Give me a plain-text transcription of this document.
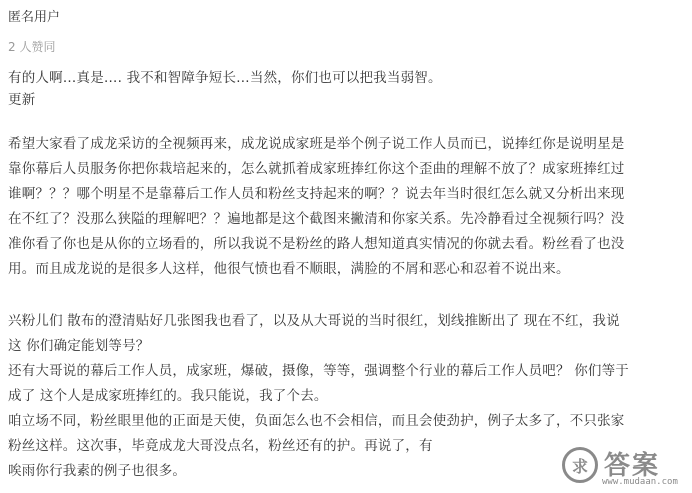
匿名用户
2 人赞同
有的人啊…真是…. 我不和智障争短长…当然，你们也可以把我当弱智。
更新
希望大家看了成龙采访的全视频再来，成龙说成家班是举个例子说工作人员而已，说捧红你是说明星是
靠你幕后人员服务你把你栽培起来的，怎么就抓着成家班捧红你这个歪曲的理解不放了？成家班捧红过
谁啊？？？哪个明星不是靠幕后工作人员和粉丝支持起来的啊？？说去年当时很红怎么就又分析出来现
在不红了？没那么狭隘的理解吧？？遍地都是这个截图来撇清和你家关系。先冷静看过全视频行吗？没
准你看了你也是从你的立场看的，所以我说不是粉丝的路人想知道真实情况的你就去看。粉丝看了也没
用。而且成龙说的是很多人这样，他很气愤也看不顺眼，满脸的不屑和恶心和忍着不说出来。
兴粉儿们 散布的澄清贴好几张图我也看了，以及从大哥说的当时很红，划线推断出了 现在不红，我说
这 你们确定能划等号？
还有大哥说的幕后工作人员，成家班，爆破，摄像，等等，强调整个行业的幕后工作人员吧？ 你们等于
成了 这个人是成家班捧红的。我只能说，我了个去。
咱立场不同，粉丝眼里他的正面是天使，负面怎么也不会相信，而且会使劲护，例子太多了，不只张家
粉丝这样。这次事，毕竟成龙大哥没点名，粉丝还有的护。再说了，有
唉雨你行我素的例子也很多。	求 答案
www.mudaan.com
